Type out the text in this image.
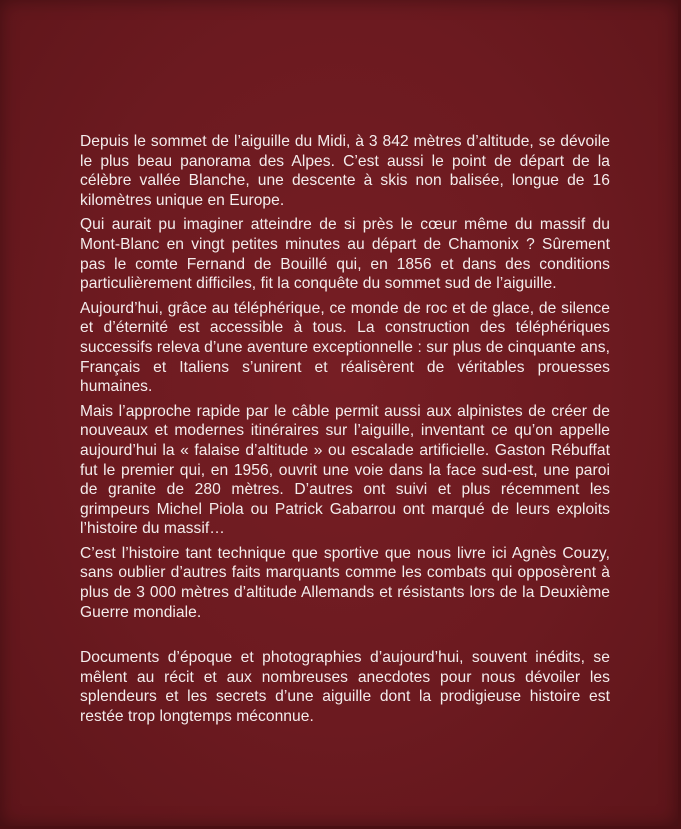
Depuis le sommet de l’aiguille du Midi, à 3 842 mètres d’altitude, se dévoile le plus beau panorama des Alpes. C’est aussi le point de départ de la célèbre vallée Blanche, une descente à skis non balisée, longue de 16 kilomètres unique en Europe.

Qui aurait pu imaginer atteindre de si près le cœur même du massif du Mont-Blanc en vingt petites minutes au départ de Chamonix ? Sûrement pas le comte Fernand de Bouillé qui, en 1856 et dans des conditions particulièrement difficiles, fit la conquête du sommet sud de l’aiguille.

Aujourd’hui, grâce au téléphérique, ce monde de roc et de glace, de silence et d’éternité est accessible à tous. La construction des téléphériques successifs releva d’une aventure exceptionnelle : sur plus de cinquante ans, Français et Italiens s’unirent et réalisèrent de véritables prouesses humaines.

Mais l’approche rapide par le câble permit aussi aux alpinistes de créer de nouveaux et modernes itinéraires sur l’aiguille, inventant ce qu’on appelle aujourd’hui la « falaise d’altitude » ou escalade artificielle. Gaston Rébuffat fut le premier qui, en 1956, ouvrit une voie dans la face sud-est, une paroi de granite de 280 mètres. D’autres ont suivi et plus récemment les grimpeurs Michel Piola ou Patrick Gabarrou ont marqué de leurs exploits l’histoire du massif…

C’est l’histoire tant technique que sportive que nous livre ici Agnès Couzy, sans oublier d’autres faits marquants comme les combats qui opposèrent à plus de 3 000 mètres d’altitude Allemands et résistants lors de la Deuxième Guerre mondiale.

Documents d’époque et photographies d’aujourd’hui, souvent inédits, se mêlent au récit et aux nombreuses anecdotes pour nous dévoiler les splendeurs et les secrets d’une aiguille dont la prodigieuse histoire est restée trop longtemps méconnue.
